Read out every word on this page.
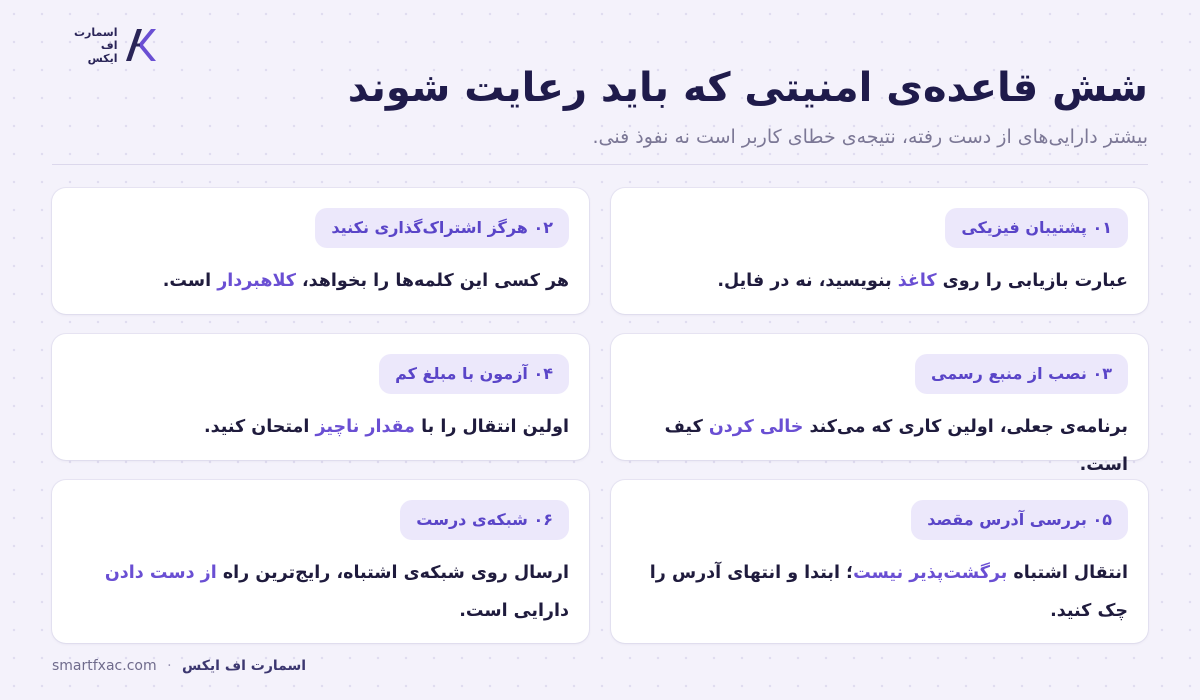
اسمارت
اف
ایکس
شش قاعده‌ی امنیتی که باید رعایت شوند
بیشتر دارایی‌های از دست رفته، نتیجه‌ی خطای کاربر است نه نفوذ فنی.
۰۱ پشتیبان فیزیکی
عبارت بازیابی را روی کاغذ بنویسید، نه در فایل.
۰۲ هرگز اشتراک‌گذاری نکنید
هر کسی این کلمه‌ها را بخواهد، کلاهبردار است.
۰۳ نصب از منبع رسمی
برنامه‌ی جعلی، اولین کاری که می‌کند خالی کردن کیف است.
۰۴ آزمون با مبلغ کم
اولین انتقال را با مقدار ناچیز امتحان کنید.
۰۵ بررسی آدرس مقصد
انتقال اشتباه برگشت‌پذیر نیست؛ ابتدا و انتهای آدرس را چک کنید.
۰۶ شبکه‌ی درست
ارسال روی شبکه‌ی اشتباه، رایج‌ترین راه از دست دادن دارایی است.
smartfxac.com · اسمارت اف ایکس
